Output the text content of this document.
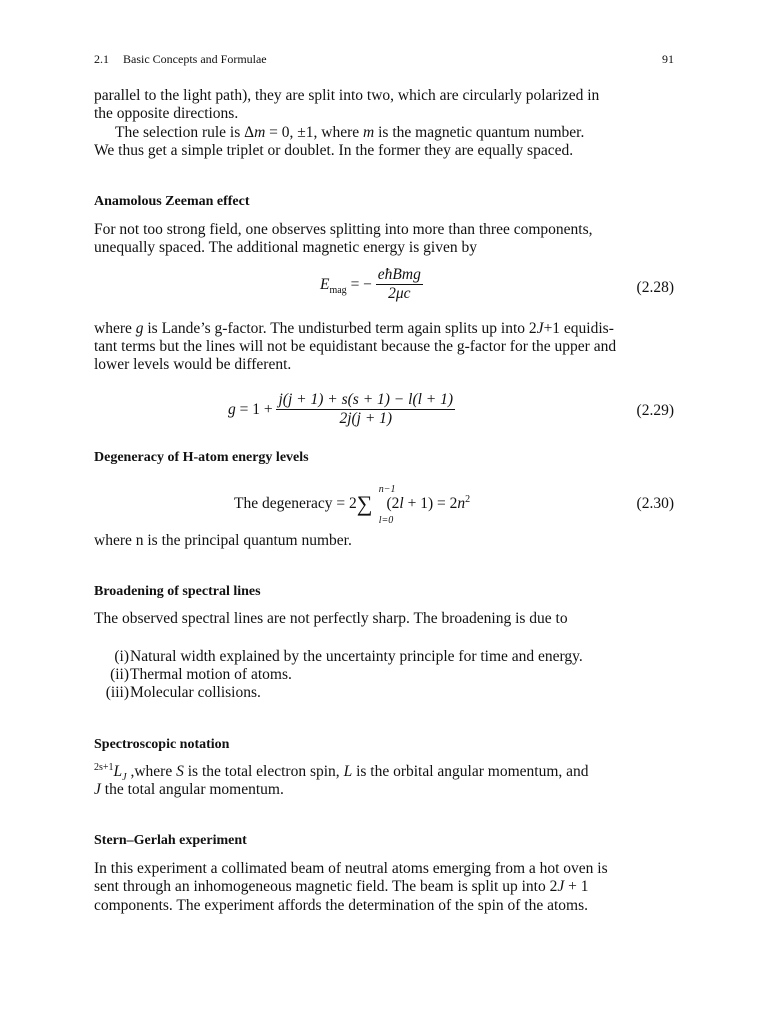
2.1 Basic Concepts and Formulae	91
parallel to the light path), they are split into two, which are circularly polarized in
the opposite directions.
The selection rule is Δm = 0, ±1, where m is the magnetic quantum number.
We thus get a simple triplet or doublet. In the former they are equally spaced.
Anamolous Zeeman effect
For not too strong field, one observes splitting into more than three components,
unequally spaced. The additional magnetic energy is given by
$E_{mag}$ = − $\frac{\text{eħBmg}}{2\mu c}$	(2.28)
where g is Lande’s g-factor. The undisturbed term again splits up into 2J+1 equidis-
tant terms but the lines will not be equidistant because the g-factor for the upper and
lower levels would be different.
$g = 1 + \frac{j(j + 1) + s(s + 1) - l(l + 1)}{2j(j + 1)}$	(2.29)
Degeneracy of H-atom energy levels
The degeneracy = 2∑
n−1
l=0
$(2l + 1) = 2n^2$	(2.30)
where n is the principal quantum number.
Broadening of spectral lines
The observed spectral lines are not perfectly sharp. The broadening is due to
(i) Natural width explained by the uncertainty principle for time and energy.
(ii) Thermal motion of atoms.
(iii) Molecular collisions.
Spectroscopic notation
$^{2s+1}L_J$ ,where S is the total electron spin, L is the orbital angular momentum, and
J the total angular momentum.
Stern–Gerlah experiment
In this experiment a collimated beam of neutral atoms emerging from a hot oven is
sent through an inhomogeneous magnetic field. The beam is split up into 2J + 1
components. The experiment affords the determination of the spin of the atoms.
